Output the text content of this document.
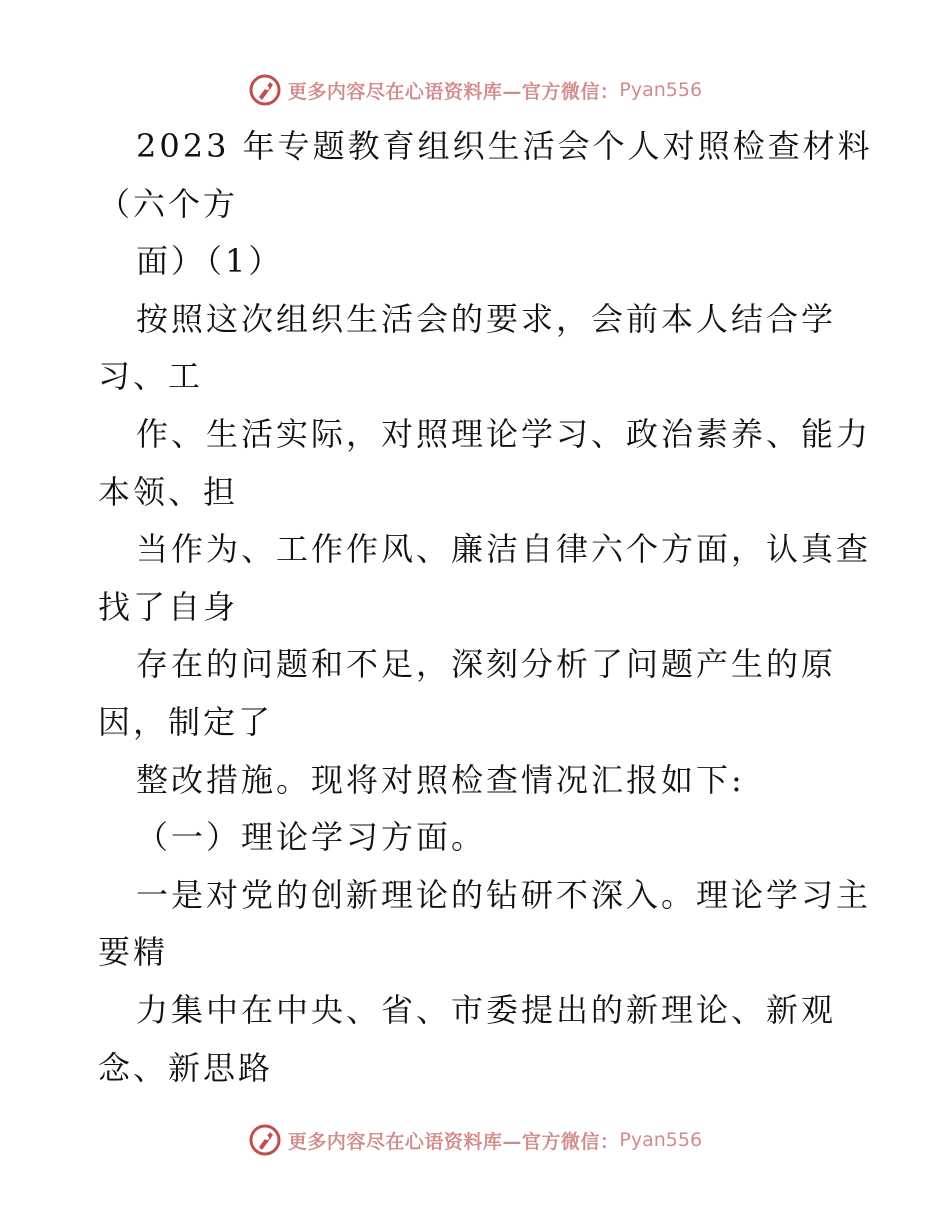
更多内容尽在心语资料库—官方微信： Pyan556
2023 年专题教育组织生活会个人对照检查材料
（六个方
面）（1）
按照这次组织生活会的要求，会前本人结合学
习、工
作、生活实际，对照理论学习、政治素养、能力
本领、担
当作为、工作作风、廉洁自律六个方面，认真查
找了自身
存在的问题和不足，深刻分析了问题产生的原
因，制定了
整改措施。现将对照检查情况汇报如下:
（一）理论学习方面。
一是对党的创新理论的钻研不深入。理论学习主
要精
力集中在中央、省、市委提出的新理论、新观
念、新思路
更多内容尽在心语资料库—官方微信： Pyan556
